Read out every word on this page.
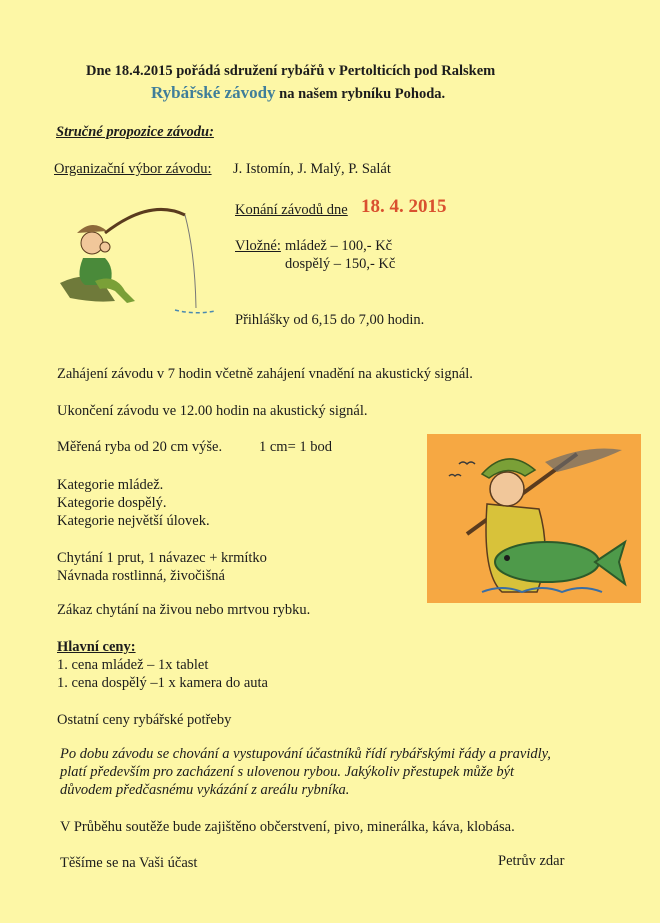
Dne 18.4.2015 pořádá sdružení rybářů v Pertolticích pod Ralskem
Rybářské závody na našem rybníku Pohoda.
Stručné propozice závodu:
Organizační výbor závodu: J. Istomín, J. Malý, P. Salát
Konání závodů dne 18. 4. 2015
Vložné: mládež – 100,- Kč
dospělý – 150,- Kč
Přihlášky od 6,15 do 7,00 hodin.
Zahájení závodu v 7 hodin včetně zahájení vnadění na akustický signál.
Ukončení závodu ve 12.00 hodin na akustický signál.
Měřená ryba od 20 cm výše.	1 cm= 1 bod
Kategorie mládež.
Kategorie dospělý.
Kategorie největší úlovek.
Chytání 1 prut, 1 návazec + krmítko
Návnada rostlinná, živočišná
Zákaz chytání na živou nebo mrtvou rybku.
Hlavní ceny:
1. cena mládež – 1x tablet
1. cena dospělý –1 x kamera do auta
Ostatní ceny rybářské potřeby
Po dobu závodu se chování a vystupování účastníků řídí rybářskými řády a pravidly,
platí především pro zacházení s ulovenou rybou. Jakýkoliv přestupek může být
důvodem předčasnému vykázání z areálu rybníka.
V Průběhu soutěže bude zajištěno občerstvení, pivo, minerálka, káva, klobása.
Těšíme se na Vaši účast	Petrův zdar
